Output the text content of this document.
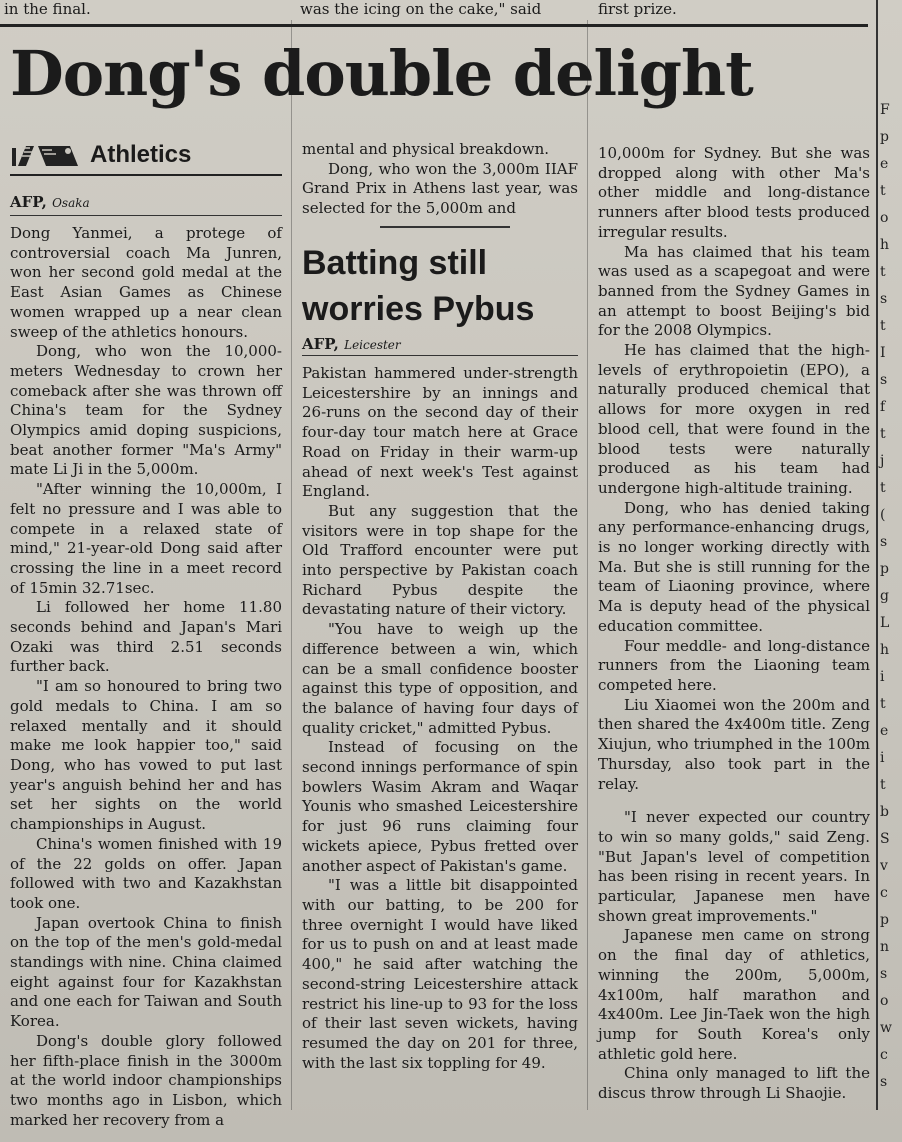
in the final.	was the icing on the cake," said	first prize.
Dong's double delight
Athletics
AFP, Osaka

Dong Yanmei, a protege of controversial coach Ma Junren, won her second gold medal at the East Asian Games as Chinese women wrapped up a near clean sweep of the athletics honours.

Dong, who won the 10,000-meters Wednesday to crown her comeback after she was thrown off China's team for the Sydney Olympics amid doping suspicions, beat another former "Ma's Army" mate Li Ji in the 5,000m.

"After winning the 10,000m, I felt no pressure and I was able to compete in a relaxed state of mind," 21-year-old Dong said after crossing the line in a meet record of 15min 32.71sec.

Li followed her home 11.80 seconds behind and Japan's Mari Ozaki was third 2.51 seconds further back.

"I am so honoured to bring two gold medals to China. I am so relaxed mentally and it should make me look happier too," said Dong, who has vowed to put last year's anguish behind her and has set her sights on the world championships in August.

China's women finished with 19 of the 22 golds on offer. Japan followed with two and Kazakhstan took one.

Japan overtook China to finish on the top of the men's gold-medal standings with nine. China claimed eight against four for Kazakhstan and one each for Taiwan and South Korea.

Dong's double glory followed her fifth-place finish in the 3000m at the world indoor championships two months ago in Lisbon, which marked her recovery from a

mental and physical breakdown.

Dong, who won the 3,000m IIAF Grand Prix in Athens last year, was selected for the 5,000m and

Batting still worries Pybus
AFP, Leicester

Pakistan hammered under-strength Leicestershire by an innings and 26-runs on the second day of their four-day tour match here at Grace Road on Friday in their warm-up ahead of next week's Test against England.

But any suggestion that the visitors were in top shape for the Old Trafford encounter were put into perspective by Pakistan coach Richard Pybus despite the devastating nature of their victory.

"You have to weigh up the difference between a win, which can be a small confidence booster against this type of opposition, and the balance of having four days of quality cricket," admitted Pybus.

Instead of focusing on the second innings performance of spin bowlers Wasim Akram and Waqar Younis who smashed Leicestershire for just 96 runs claiming four wickets apiece, Pybus fretted over another aspect of Pakistan's game.

"I was a little bit disappointed with our batting, to be 200 for three overnight I would have liked for us to push on and at least made 400," he said after watching the second-string Leicestershire attack restrict his line-up to 93 for the loss of their last seven wickets, having resumed the day on 201 for three, with the last six toppling for 49.

10,000m for Sydney. But she was dropped along with other Ma's other middle and long-distance runners after blood tests produced irregular results.

Ma has claimed that his team was used as a scapegoat and were banned from the Sydney Games in an attempt to boost Beijing's bid for the 2008 Olympics.

He has claimed that the high-levels of erythropoietin (EPO), a naturally produced chemical that allows for more oxygen in red blood cell, that were found in the blood tests were naturally produced as his team had undergone high-altitude training.

Dong, who has denied taking any performance-enhancing drugs, is no longer working directly with Ma. But she is still running for the team of Liaoning province, where Ma is deputy head of the physical education committee.

Four meddle- and long-distance runners from the Liaoning team competed here.

Liu Xiaomei won the 200m and then shared the 4x400m title. Zeng Xiujun, who triumphed in the 100m Thursday, also took part in the relay.

"I never expected our country to win so many golds," said Zeng. "But Japan's level of competition has been rising in recent years. In particular, Japanese men have shown great improvements."

Japanese men came on strong on the final day of athletics, winning the 200m, 5,000m, 4x100m, half marathon and 4x400m. Lee Jin-Taek won the high jump for South Korea's only athletic gold here.

China only managed to lift the discus throw through Li Shaojie.

F
p
e
t
o
h
t
s
t
I
s
f
t
j
t
(
s
p
g
L
h
i
t
e
i
t
b
S
v
c
p
n
s
o
w
c
s
